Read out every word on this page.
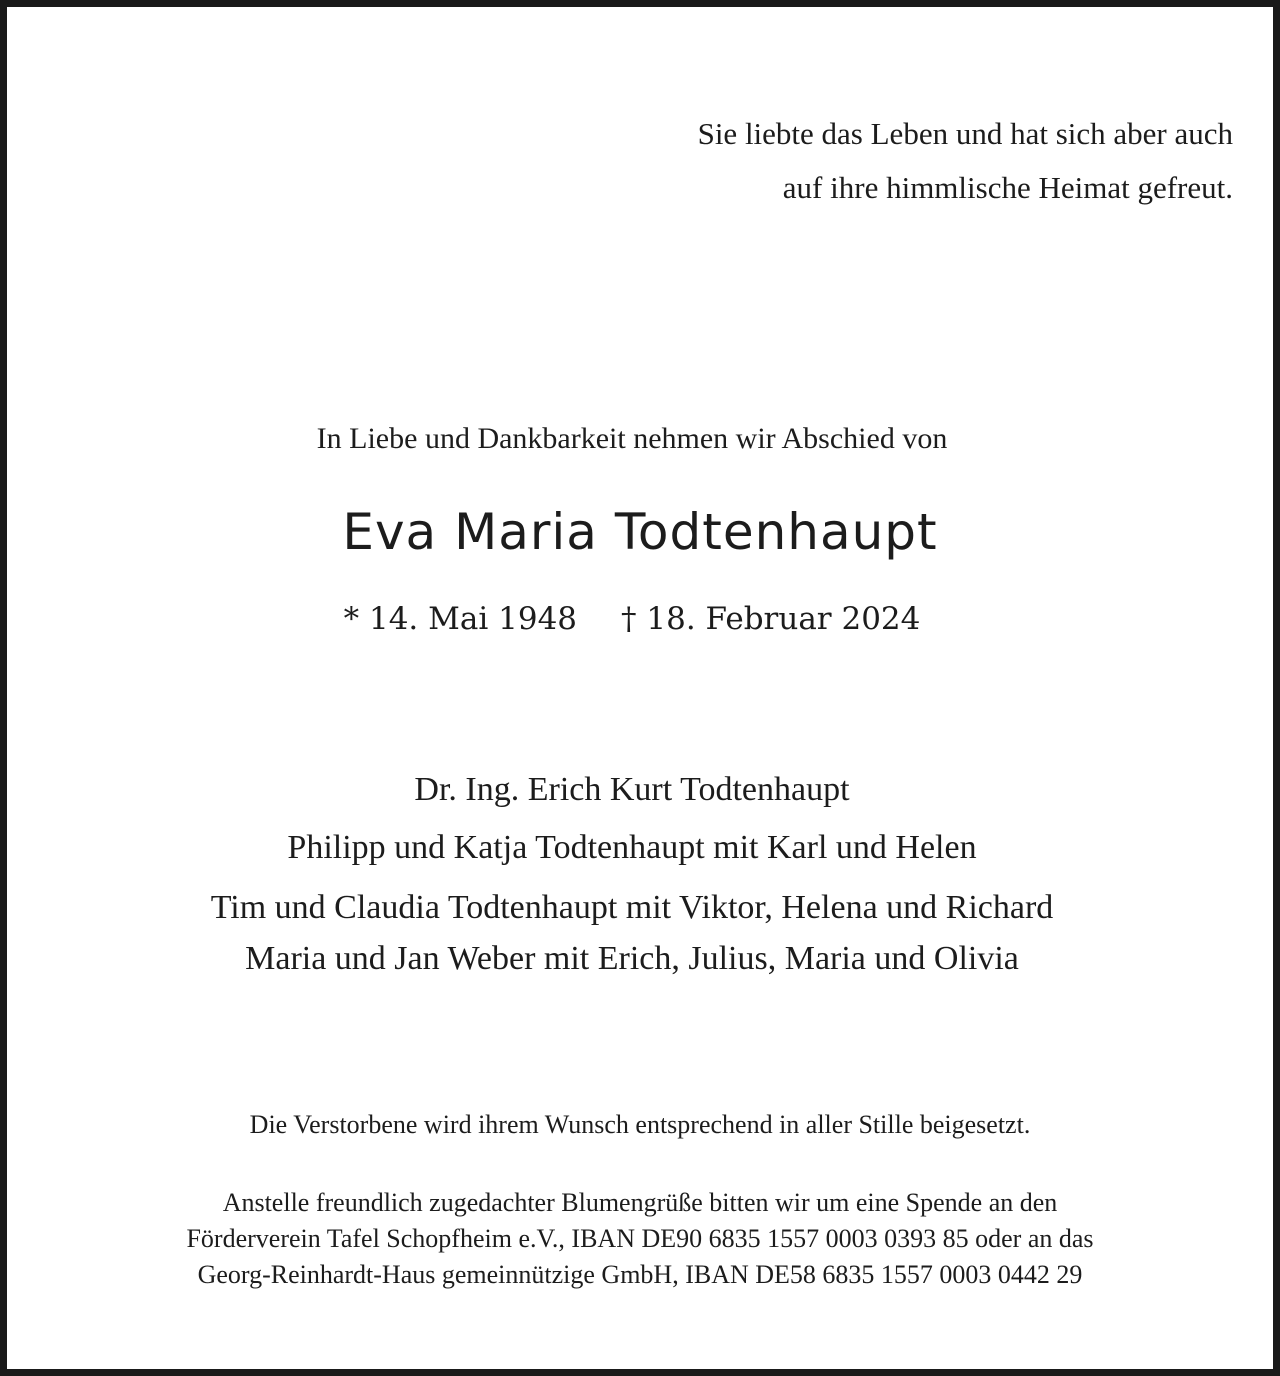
Sie liebte das Leben und hat sich aber auch
auf ihre himmlische Heimat gefreut.
In Liebe und Dankbarkeit nehmen wir Abschied von
Eva Maria Todtenhaupt
* 14. Mai 1948 † 18. Februar 2024
Dr. Ing. Erich Kurt Todtenhaupt
Philipp und Katja Todtenhaupt mit Karl und Helen
Tim und Claudia Todtenhaupt mit Viktor, Helena und Richard
Maria und Jan Weber mit Erich, Julius, Maria und Olivia
Die Verstorbene wird ihrem Wunsch entsprechend in aller Stille beigesetzt.
Anstelle freundlich zugedachter Blumengrüße bitten wir um eine Spende an den
Förderverein Tafel Schopfheim e.V., IBAN DE90 6835 1557 0003 0393 85 oder an das
Georg-Reinhardt-Haus gemeinnützige GmbH, IBAN DE58 6835 1557 0003 0442 29
